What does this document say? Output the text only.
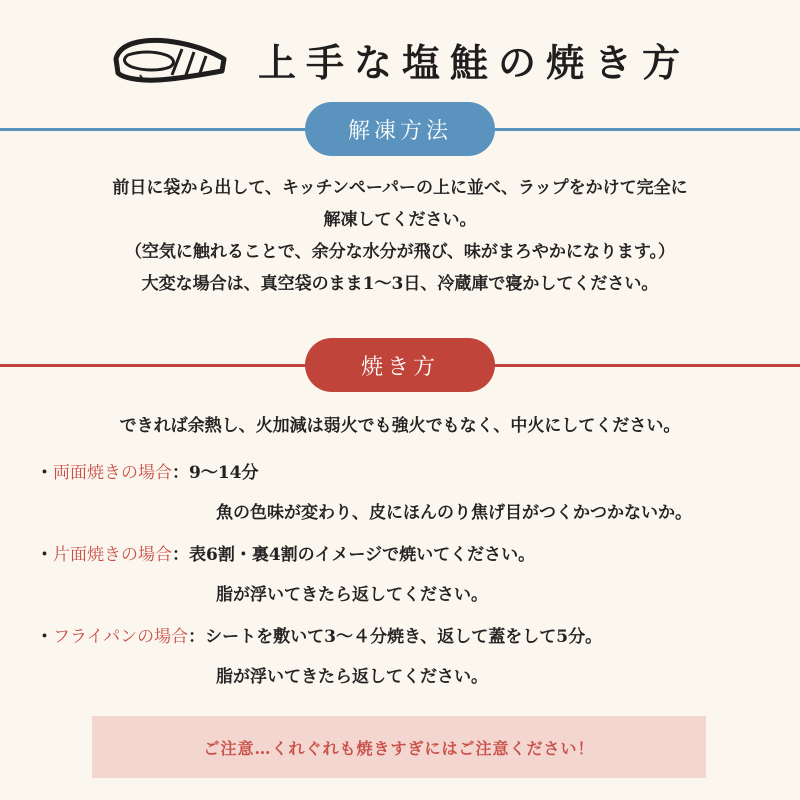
上手な塩鮭の焼き方
解凍方法
前日に袋から出して、キッチンペーパーの上に並べ、ラップをかけて完全に
解凍してください。
（空気に触れることで、余分な水分が飛び、味がまろやかになります。）
大変な場合は、真空袋のまま1〜3日、冷蔵庫で寝かしてください。
焼き方
できれば余熱し、火加減は弱火でも強火でもなく、中火にしてください。
・両面焼きの場合：9〜14分
魚の色味が変わり、皮にほんのり焦げ目がつくかつかないか。
・片面焼きの場合：表6割・裏4割のイメージで焼いてください。
脂が浮いてきたら返してください。
・フライパンの場合：シートを敷いて3〜４分焼き、返して蓋をして5分。
脂が浮いてきたら返してください。
ご注意…くれぐれも焼きすぎにはご注意ください！
